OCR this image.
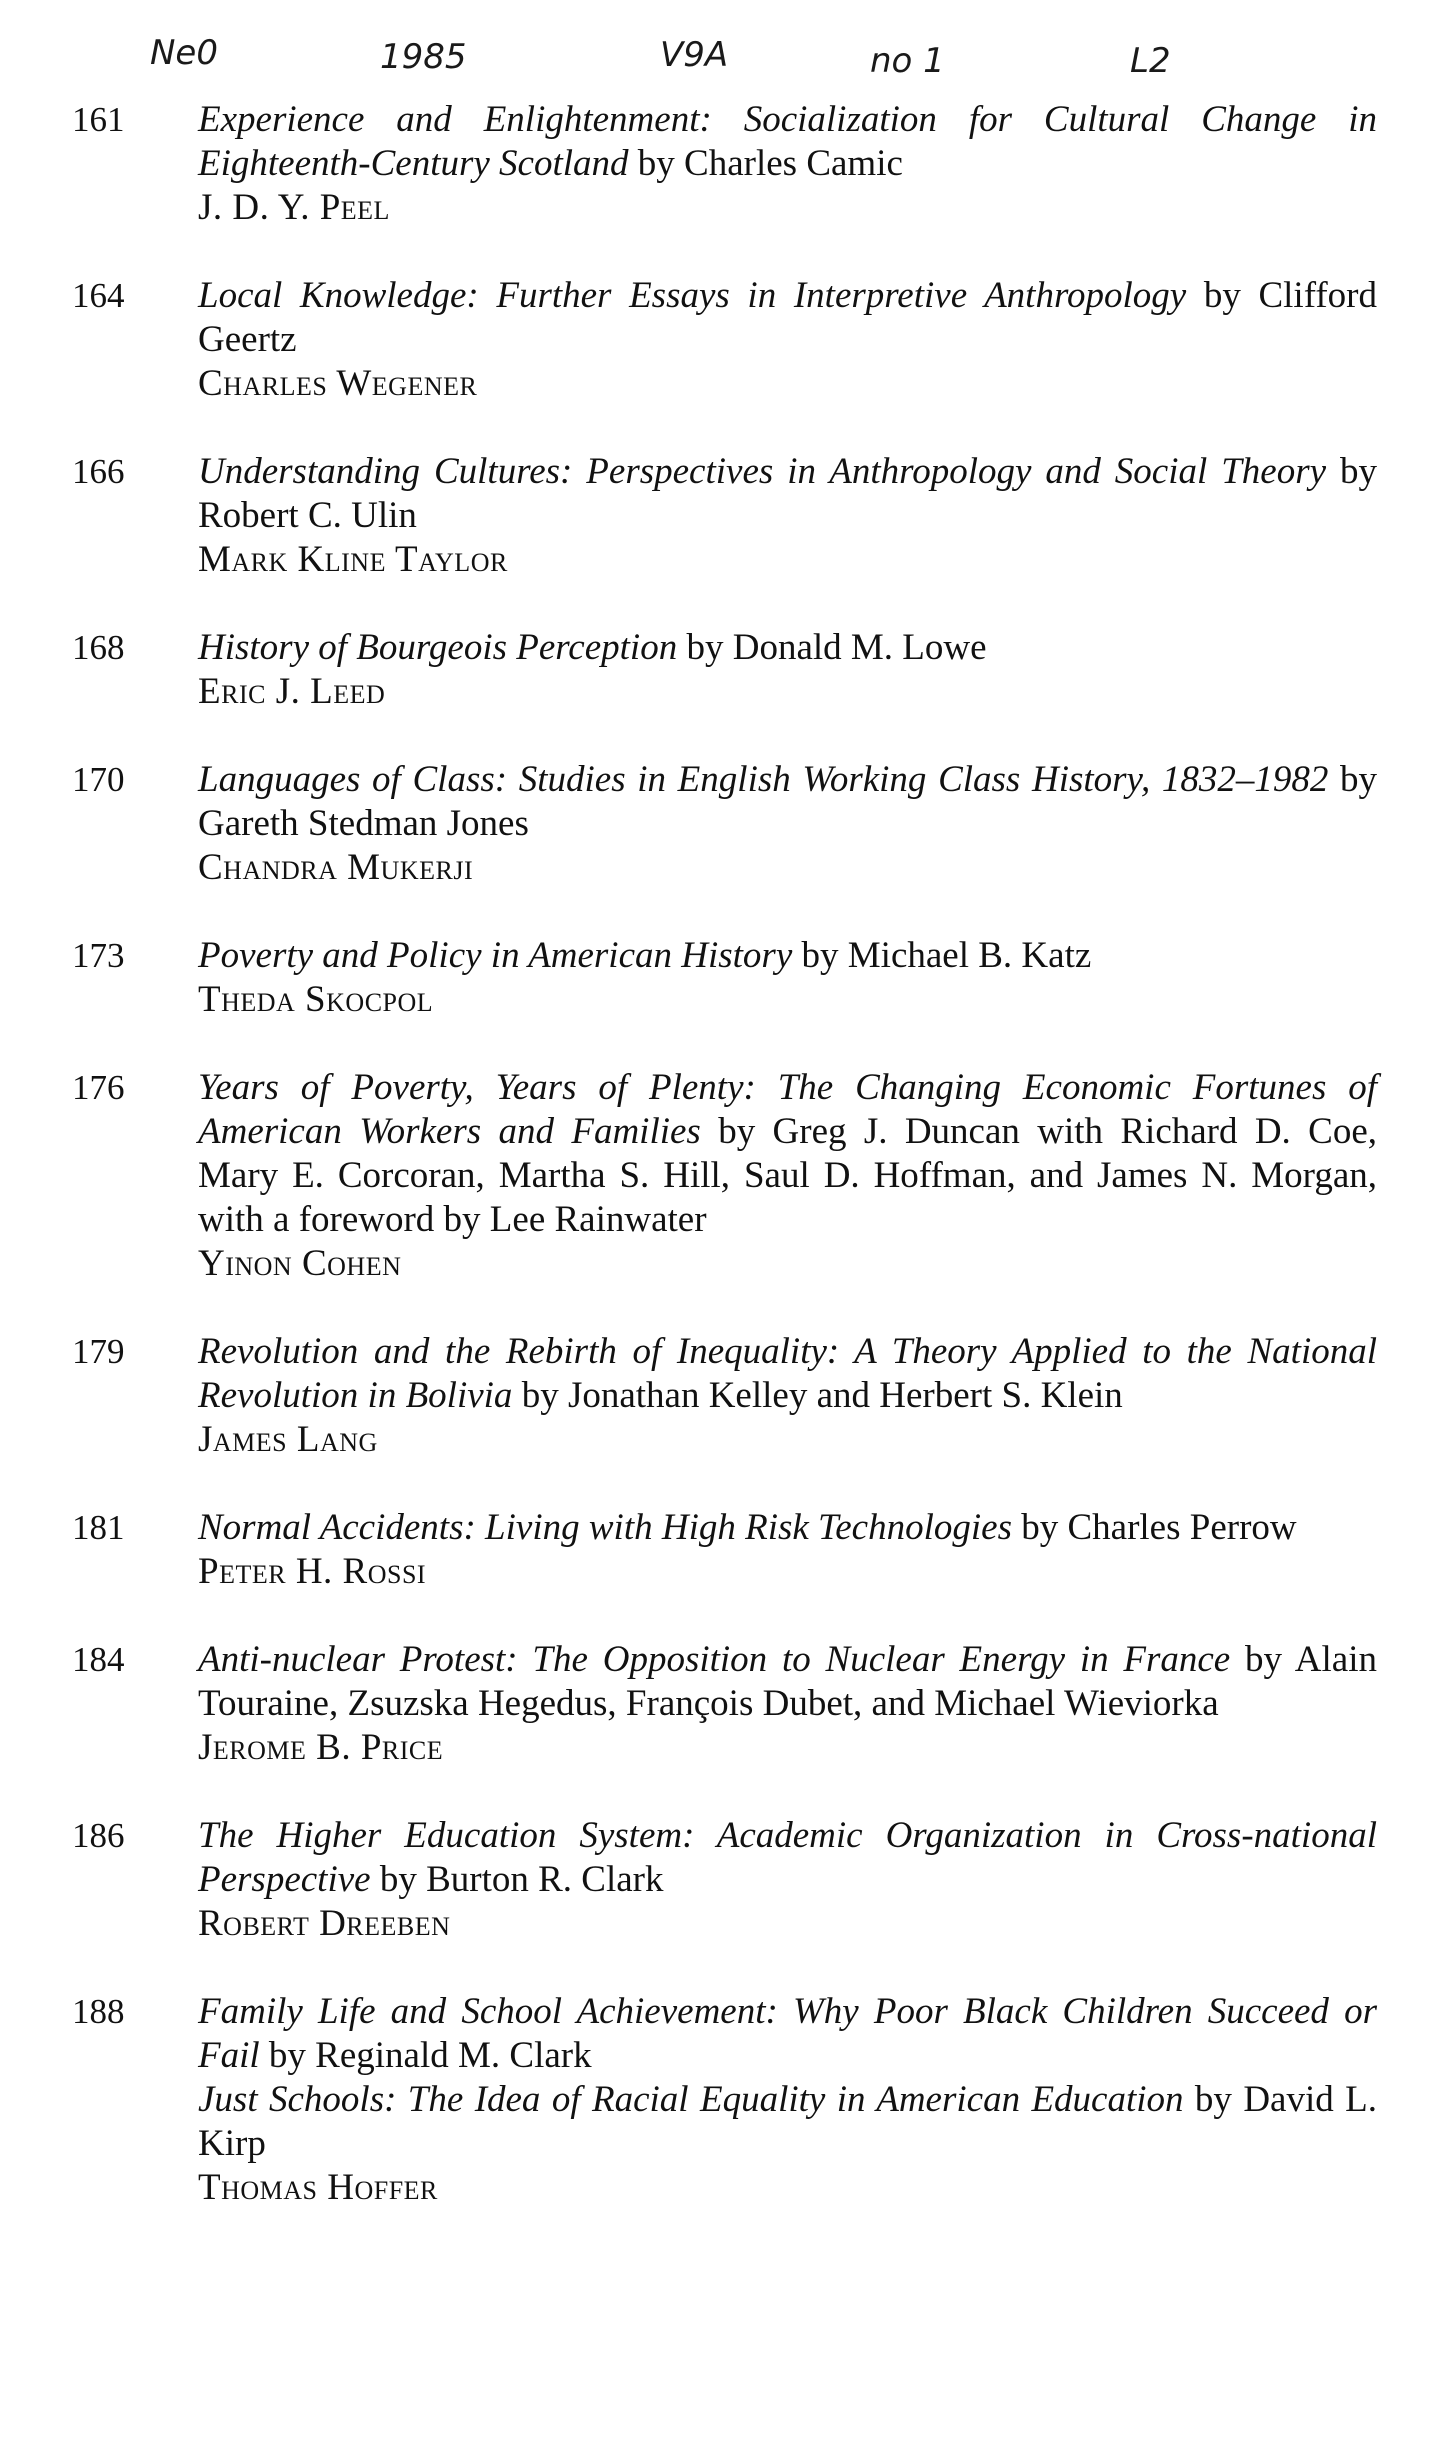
Ne0	1985	V9A	no 1	L2
161	Experience and Enlightenment: Socialization for Cultural Change in Eighteenth-Century Scotland by Charles Camic
J. D. Y. Peel
164	Local Knowledge: Further Essays in Interpretive Anthropology by Clifford Geertz
Charles Wegener
166	Understanding Cultures: Perspectives in Anthropology and Social Theory by Robert C. Ulin
Mark Kline Taylor
168	History of Bourgeois Perception by Donald M. Lowe
Eric J. Leed
170	Languages of Class: Studies in English Working Class History, 1832–1982 by Gareth Stedman Jones
Chandra Mukerji
173	Poverty and Policy in American History by Michael B. Katz
Theda Skocpol
176	Years of Poverty, Years of Plenty: The Changing Economic Fortunes of American Workers and Families by Greg J. Duncan with Richard D. Coe, Mary E. Corcoran, Martha S. Hill, Saul D. Hoffman, and James N. Morgan, with a foreword by Lee Rainwater
Yinon Cohen
179	Revolution and the Rebirth of Inequality: A Theory Applied to the National Revolution in Bolivia by Jonathan Kelley and Herbert S. Klein
James Lang
181	Normal Accidents: Living with High Risk Technologies by Charles Perrow
Peter H. Rossi
184	Anti-nuclear Protest: The Opposition to Nuclear Energy in France by Alain Touraine, Zsuzska Hegedus, François Dubet, and Michael Wieviorka
Jerome B. Price
186	The Higher Education System: Academic Organization in Cross-national Perspective by Burton R. Clark
Robert Dreeben
188	Family Life and School Achievement: Why Poor Black Children Succeed or Fail by Reginald M. Clark
Just Schools: The Idea of Racial Equality in American Education by David L. Kirp
Thomas Hoffer
